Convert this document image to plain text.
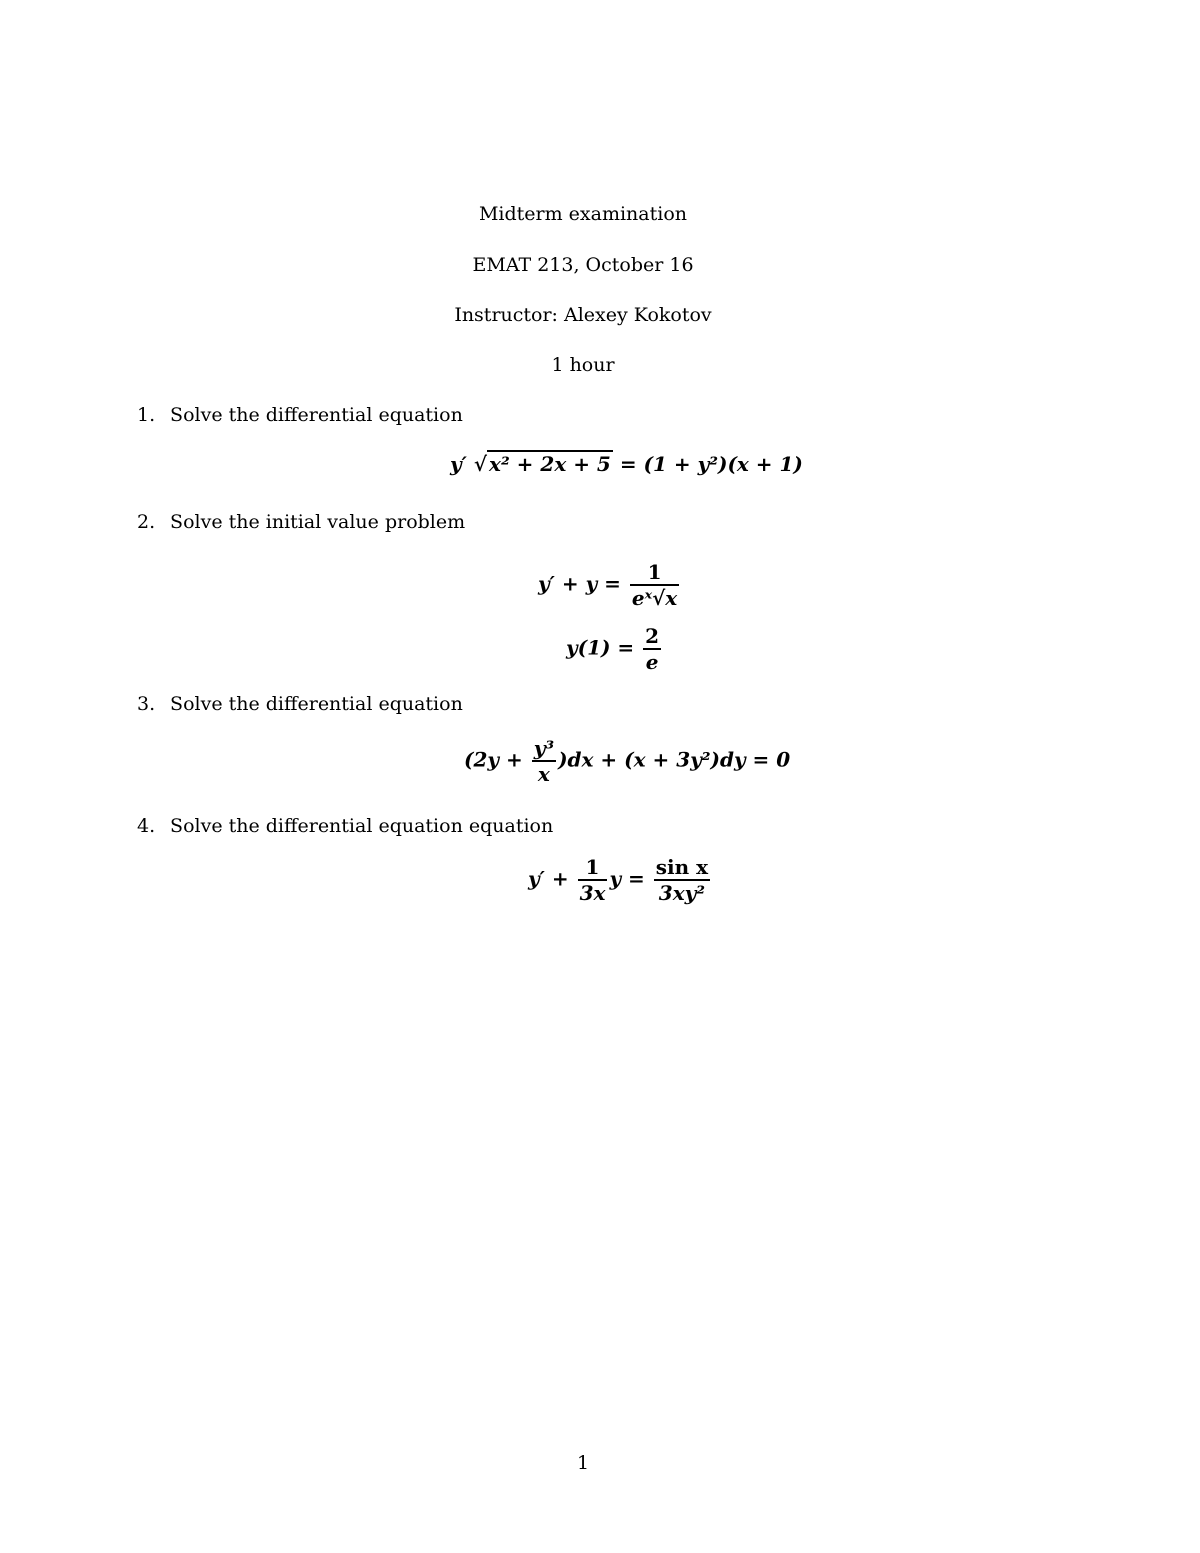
Midterm examination
EMAT 213, October 16
Instructor: Alexey Kokotov
1 hour
1. Solve the differential equation
y′ √ x² + 2x + 5 = (1 + y²)(x + 1)
2. Solve the initial value problem
$y' + y = \frac{1}{\text{eˣ√x}}$
$y(1) = \frac{2}{e}$
3. Solve the differential equation
$(2y + \frac{\text{y³}}{x} )dx + (x + 3y^2)dy = 0$
4. Solve the differential equation equation
$y' + \frac{1}{3x}$ $y = \frac{\text{sin x}}{\text{3xy²}}$
1
